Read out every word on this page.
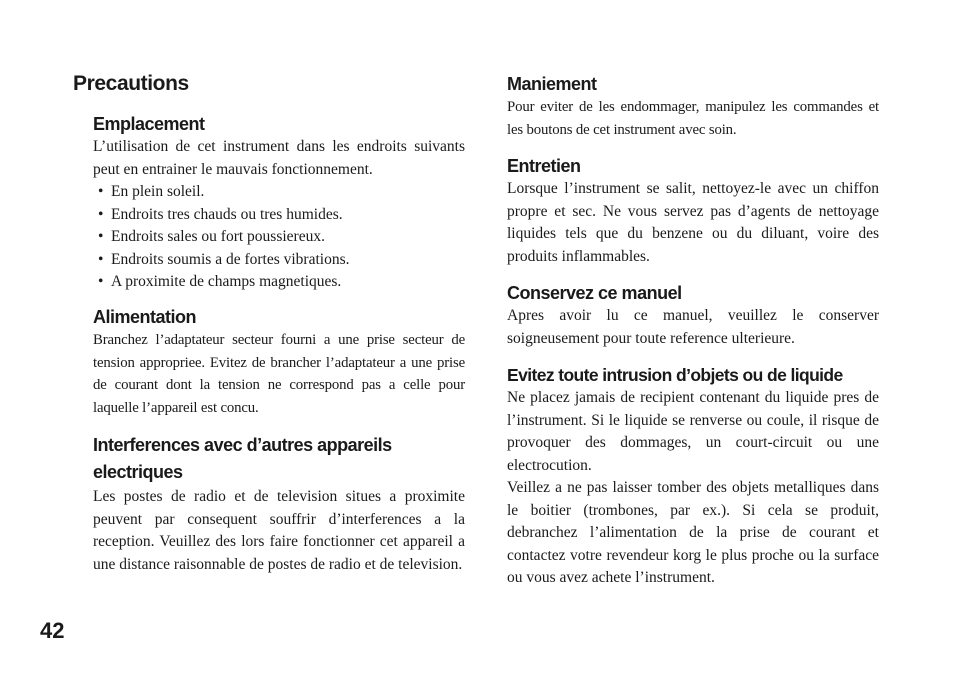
Precautions
Emplacement

L’utilisation de cet instrument dans les endroits suivants peut en entrainer le mauvais fonctionnement.

• En plein soleil.
• Endroits tres chauds ou tres humides.
• Endroits sales ou fort poussiereux.
• Endroits soumis a de fortes vibrations.
• A proximite de champs magnetiques.
Alimentation

Branchez l’adaptateur secteur fourni a une prise secteur de tension appropriee. Evitez de brancher l’adaptateur a une prise de courant dont la tension ne correspond pas a celle pour laquelle l’appareil est concu.

Interferences avec d’autres appareils electriques

Les postes de radio et de television situes a proximite peuvent par consequent souffrir d’interferences a la reception. Veuillez des lors faire fonctionner cet appareil a une distance raisonnable de postes de radio et de television.

Maniement

Pour eviter de les endommager, manipulez les commandes et les boutons de cet instrument avec soin.

Entretien

Lorsque l’instrument se salit, nettoyez-le avec un chiffon propre et sec. Ne vous servez pas d’agents de nettoyage liquides tels que du benzene ou du diluant, voire des produits inflammables.

Conservez ce manuel

Apres avoir lu ce manuel, veuillez le conserver soigneusement pour toute reference ulterieure.

Evitez toute intrusion d’objets ou de liquide

Ne placez jamais de recipient contenant du liquide pres de l’instrument. Si le liquide se renverse ou coule, il risque de provoquer des dommages, un court-circuit ou une electrocution.

Veillez a ne pas laisser tomber des objets metalliques dans le boitier (trombones, par ex.). Si cela se produit, debranchez l’alimentation de la prise de courant et contactez votre revendeur korg le plus proche ou la surface ou vous avez achete l’instrument.

42
